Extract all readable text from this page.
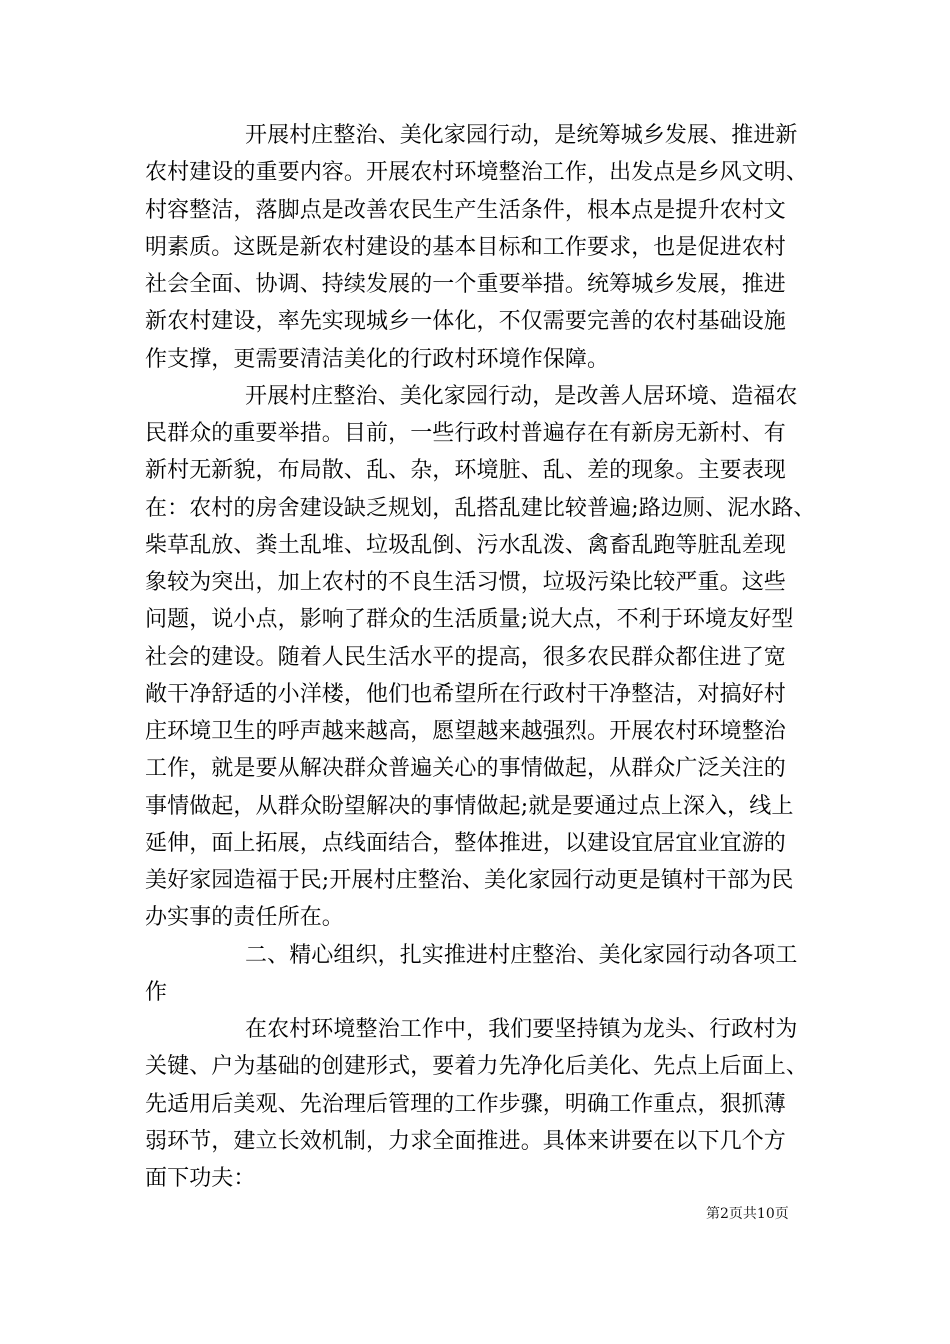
开展村庄整治、美化家园行动，是统筹城乡发展、推进新
农村建设的重要内容。开展农村环境整治工作，出发点是乡风文明、
村容整洁，落脚点是改善农民生产生活条件，根本点是提升农村文
明素质。这既是新农村建设的基本目标和工作要求，也是促进农村
社会全面、协调、持续发展的一个重要举措。统筹城乡发展，推进
新农村建设，率先实现城乡一体化，不仅需要完善的农村基础设施
作支撑，更需要清洁美化的行政村环境作保障。
开展村庄整治、美化家园行动，是改善人居环境、造福农
民群众的重要举措。目前，一些行政村普遍存在有新房无新村、有
新村无新貌，布局散、乱、杂，环境脏、乱、差的现象。主要表现
在：农村的房舍建设缺乏规划，乱搭乱建比较普遍;路边厕、泥水路、
柴草乱放、粪土乱堆、垃圾乱倒、污水乱泼、禽畜乱跑等脏乱差现
象较为突出，加上农村的不良生活习惯，垃圾污染比较严重。这些
问题，说小点，影响了群众的生活质量;说大点，不利于环境友好型
社会的建设。随着人民生活水平的提高，很多农民群众都住进了宽
敞干净舒适的小洋楼，他们也希望所在行政村干净整洁，对搞好村
庄环境卫生的呼声越来越高，愿望越来越强烈。开展农村环境整治
工作，就是要从解决群众普遍关心的事情做起，从群众广泛关注的
事情做起，从群众盼望解决的事情做起;就是要通过点上深入，线上
延伸，面上拓展，点线面结合，整体推进，以建设宜居宜业宜游的
美好家园造福于民;开展村庄整治、美化家园行动更是镇村干部为民
办实事的责任所在。
二、精心组织，扎实推进村庄整治、美化家园行动各项工
作
在农村环境整治工作中，我们要坚持镇为龙头、行政村为
关键、户为基础的创建形式，要着力先净化后美化、先点上后面上、
先适用后美观、先治理后管理的工作步骤，明确工作重点，狠抓薄
弱环节，建立长效机制，力求全面推进。具体来讲要在以下几个方
面下功夫：
第2页共10页
